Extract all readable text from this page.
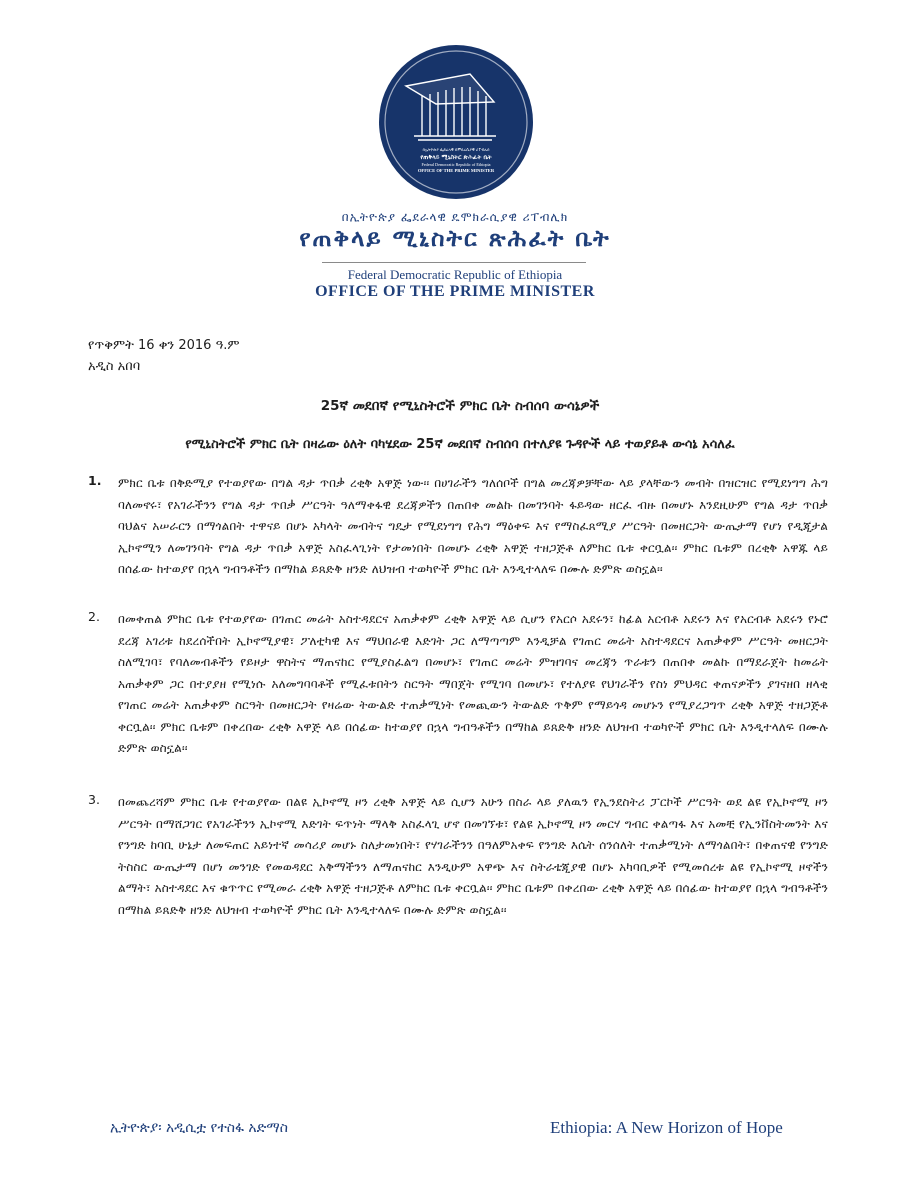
በኢትዮጵያ ፌደራላዊ ዴሞክራሲያዊ ሪፐብሊክ
የጠቅላይ ሚኒስትር ጽሕፈት ቤት
Federal Democratic Republic of Ethiopia
OFFICE OF THE PRIME MINISTER
በኢትዮጵያ ፌደራላዊ ዴሞክራሲያዊ ሪፐብሊክ
የጠቅላይ ሚኒስትር ጽሕፈት ቤት
Federal Democratic Republic of Ethiopia
OFFICE OF THE PRIME MINISTER
የጥቅምት 16 ቀን 2016 ዓ.ም
አዲስ አበባ
25ኛ መደበኛ የሚኒስትሮች ምክር ቤት ስብሰባ ውሳኔዎች
የሚኒስትሮች ምክር ቤት በዛሬው ዕለት ባካሄደው 25ኛ መደበኛ ስብሰባ በተለያዩ ጉዳዮች ላይ ተወያይቶ ውሳኔ አሳለፈ
1. ምክር ቤቱ በቅድሚያ የተወያየው በግል ዳታ ጥበቃ ረቂቅ አዋጅ ነው፡፡ በሀገራችን ግለሰቦች በግል መረጃዎቻቸው ላይ ያላቸውን መብት በዝርዝር የሚደነግግ ሕግ ባለመኖሩ፣ የአገራችንን የግል ዳታ ጥበቃ ሥርዓት ዓለማቀፋዊ ደረጃዎችን በጠበቀ መልኩ በመገንባት ፋይዳው ዘርፈ ብዙ በመሆኑ እንደዚሁም የግል ዳታ ጥበቃ ባህልና አሠራርን በማጎልበት ተዋናይ በሆኑ አካላት መብትና ግዴታ የሚደነግግ የሕግ ማዕቀፍ እና የማስፈጸሚያ ሥርዓት በመዘርጋት ውጤታማ የሆነ የዲጂታል ኢኮኖሚን ለመገንባት የግል ዳታ ጥበቃ አዋጅ አስፈላጊነት የታመነበት በመሆኑ ረቂቅ አዋጅ ተዘጋጅቶ ለምክር ቤቱ ቀርቧል፡፡ ምክር ቤቱም በረቂቅ አዋጁ ላይ በሰፊው ከተወያየ በኋላ ግብዓቶችን በማከል ይጸድቅ ዘንድ ለህዝብ ተወካዮች ምክር ቤት እንዲተላለፍ በሙሉ ድምጽ ወስኗል፡፡
2. በመቀጠል ምክር ቤቱ የተወያየው በገጠር መሬት አስተዳደርና አጠቃቀም ረቂቅ አዋጅ ላይ ሲሆን የአርሶ አደሩን፣ ከፊል አርብቶ አደሩን እና የአርብቶ አደሩን የኑሮ ደረጃ አገሪቱ ከደረሰችበት ኢኮኖሚያዊ፣ ፖለቲካዊ እና ማህበራዊ እድገት ጋር ለማጣጣም እንዲቻል የገጠር መሬት አስተዳደርና አጠቃቀም ሥርዓት መዘርጋት ስለሚገባ፣ የባለመብቶችን የይዞታ ዋስትና ማጠናከር የሚያስፈልግ በመሆኑ፣ የገጠር መሬት ምዝገባና መረጃን ጥራቱን በጠበቀ መልኩ በማደራጀት ከመሬት አጠቃቀም ጋር በተያያዘ የሚነሱ አለመግባባቶች የሚፈቱበትን ስርዓት ማበጀት የሚገባ በመሆኑ፣ የተለያዩ የህገራችን የስነ ምህዳር ቀጠናዎችን ያገናዘበ ዘላቂ የገጠር መሬት አጠቃቀም ስርዓት በመዘርጋት የዛሬው ትውልድ ተጠቃሚነት የመጪውን ትውልድ ጥቅም የማይጎዳ መሆኑን የሚያረጋግጥ ረቂቅ አዋጅ ተዘጋጅቶ ቀርቧል፡፡ ምክር ቤቱም በቀረበው ረቂቅ አዋጅ ላይ በሰፊው ከተወያየ በኋላ ግብዓቶችን በማከል ይጸድቅ ዘንድ ለህዝብ ተወካዮች ምክር ቤት እንዲተላለፍ በሙሉ ድምጽ ወስኗል፡፡
3. በመጨረሻም ምክር ቤቱ የተወያየው በልዩ ኢኮኖሚ ዞን ረቂቅ አዋጅ ላይ ሲሆን አሁን በስራ ላይ ያለዉን የኢንደስትሪ ፓርኮች ሥርዓት ወደ ልዩ የኢኮኖሚ ዞን ሥርዓት በማሸጋገር የአገራችንን ኢኮኖሚ እድገት ፍጥነት ማላቅ አስፈላጊ ሆኖ በመገኘቱ፣ የልዩ ኢኮኖሚ ዞን መርሃ ግብር ቀልጣፋ እና አመቺ የኢንቨስትመንት እና የንግድ ከባቢ ሁኔታ ለመፍጠር አይነተኛ መሳሪያ መሆኑ ስለታመነበት፣ የሃገራችንን በዓለምአቀፍ የንግድ እሴት ሰንሰለት ተጠቃሚነት ለማጎልበት፣ በቀጠናዊ የንግድ ትስስር ውጤታማ በሆነ መንገድ የመወዳደር አቅማችንን ለማጠናከር እንዲሁም አዋጭ እና ስትራቴጂያዊ በሆኑ አካባቢዎች የሚመሰረቱ ልዩ የኢኮኖሚ ዞኖችን ልማት፣ አስተዳደር እና ቁጥጥር የሚመራ ረቂቅ አዋጅ ተዘጋጅቶ ለምክር ቤቱ ቀርቧል፡፡ ምክር ቤቱም በቀረበው ረቂቅ አዋጅ ላይ በሰፊው ከተወያየ በኋላ ግብዓቶችን በማከል ይጸድቅ ዘንድ ለህዝብ ተወካዮች ምክር ቤት እንዲተላለፍ በሙሉ ድምጽ ወስኗል፡፡
ኢትዮጵያ፡ አዲሲቷ የተስፋ አድማስ	Ethiopia: A New Horizon of Hope
